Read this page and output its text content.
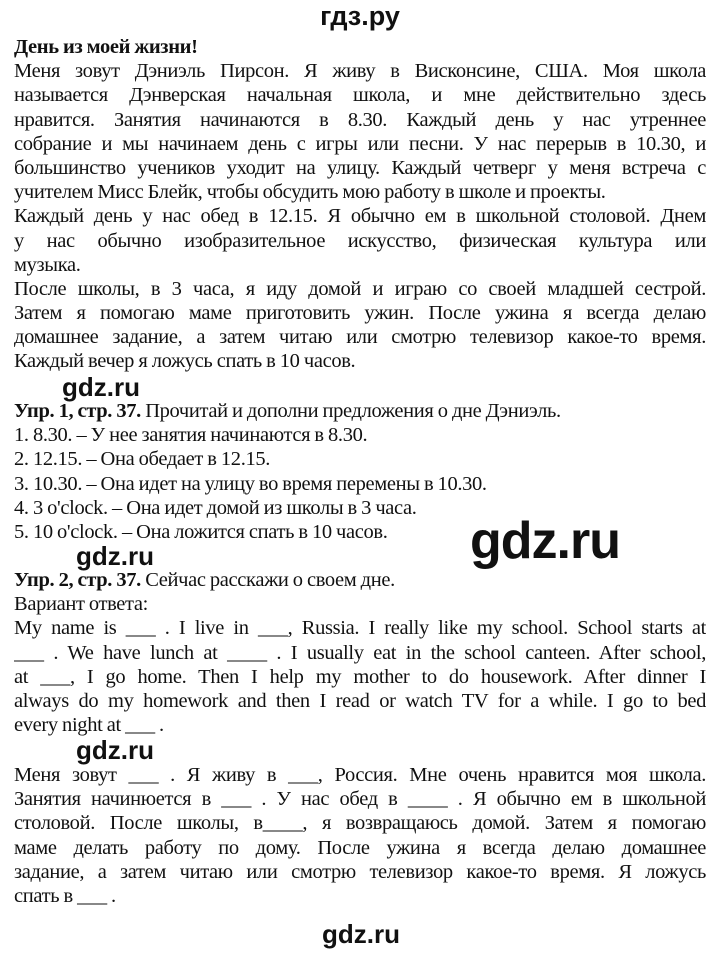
гдз.ру
День из моей жизни!
Меня зовут Дэниэль Пирсон. Я живу в Висконсине, США. Моя школа
называется Дэнверская начальная школа, и мне действительно здесь
нравится. Занятия начинаются в 8.30. Каждый день у нас утреннее
собрание и мы начинаем день с игры или песни. У нас перерыв в 10.30, и
большинство учеников уходит на улицу. Каждый четверг у меня встреча с
учителем Мисс Блейк, чтобы обсудить мою работу в школе и проекты.
Каждый день у нас обед в 12.15. Я обычно ем в школьной столовой. Днем
у нас обычно изобразительное искусство, физическая культура или
музыка.
После школы, в 3 часа, я иду домой и играю со своей младшей сестрой.
Затем я помогаю маме приготовить ужин. После ужина я всегда делаю
домашнее задание, а затем читаю или смотрю телевизор какое-то время.
Каждый вечер я ложусь спать в 10 часов.
Упр. 1, стр. 37. Прочитай и дополни предложения о дне Дэниэль.
1. 8.30. – У нее занятия начинаются в 8.30.
2. 12.15. – Она обедает в 12.15.
3. 10.30. – Она идет на улицу во время перемены в 10.30.
4. 3 o'clock. – Она идет домой из школы в 3 часа.
5. 10 o'clock. – Она ложится спать в 10 часов.
Упр. 2, стр. 37. Сейчас расскажи о своем дне.
Вариант ответа:
My name is ___ . I live in ___, Russia. I really like my school. School starts at
___ . We have lunch at ____ . I usually eat in the school canteen. After school,
at ___, I go home. Then I help my mother to do housework. After dinner I
always do my homework and then I read or watch TV for a while. I go to bed
every night at ___ .
Меня зовут ___ . Я живу в ___, Россия. Мне очень нравится моя школа.
Занятия начинюется в ___ . У нас обед в ____ . Я обычно ем в школьной
столовой. После школы, в____, я возвращаюсь домой. Затем я помогаю
маме делать работу по дому. После ужина я всегда делаю домашнее
задание, а затем читаю или смотрю телевизор какое-то время. Я ложусь
спать в ___ .
gdz.ru
gdz.ru
gdz.ru
gdz.ru
gdz.ru
